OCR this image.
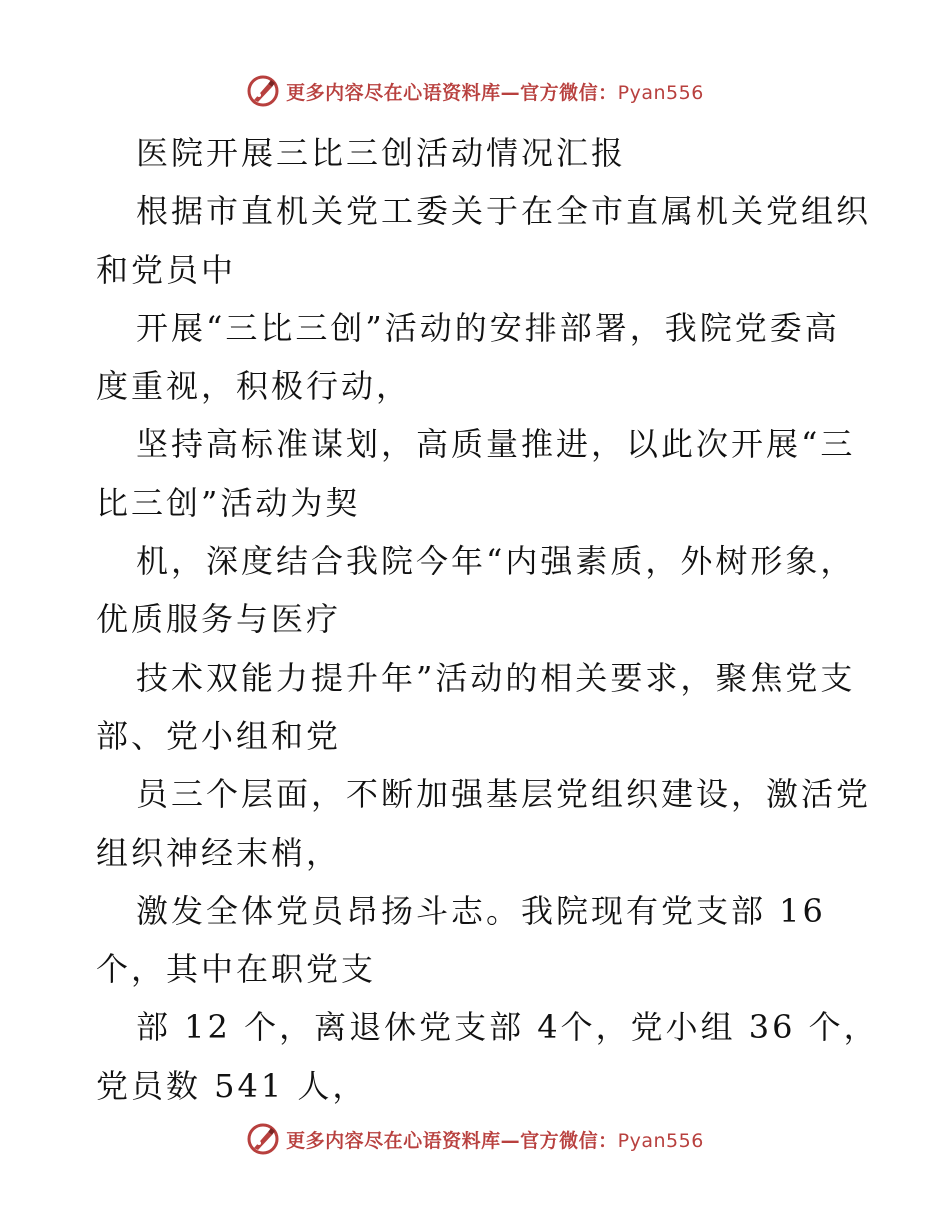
更多内容尽在心语资料库—官方微信：Pyan556
医院开展三比三创活动情况汇报
根据市直机关党工委关于在全市直属机关党组织
和党员中
开展“三比三创”活动的安排部署，我院党委高
度重视，积极行动，
坚持高标准谋划，高质量推进，以此次开展“三
比三创”活动为契
机，深度结合我院今年“内强素质，外树形象，
优质服务与医疗
技术双能力提升年”活动的相关要求，聚焦党支
部、党小组和党
员三个层面，不断加强基层党组织建设，激活党
组织神经末梢，
激发全体党员昂扬斗志。我院现有党支部 16
个，其中在职党支
部 12 个，离退休党支部 4个，党小组 36 个，
党员数 541 人，
更多内容尽在心语资料库—官方微信：Pyan556
